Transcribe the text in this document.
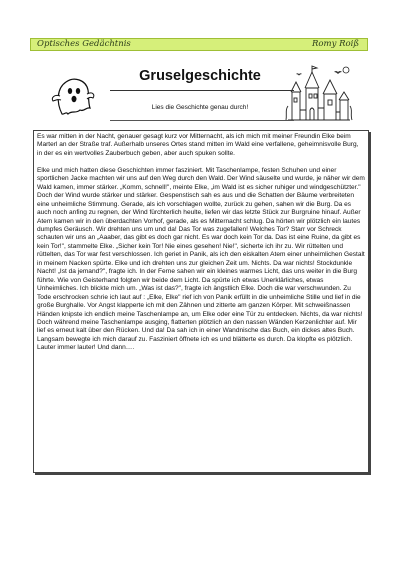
Optisches Gedächtnis	Romy Roiß
Gruselgeschichte
Lies die Geschichte genau durch!

Es war mitten in der Nacht, genauer gesagt kurz vor Mitternacht, als ich mich mit meiner Freundin Elke beim Marterl an der Straße traf. Außerhalb unseres Ortes stand mitten im Wald eine verfallene, geheimnisvolle Burg, in der es ein wertvolles Zauberbuch geben, aber auch spuken sollte.

Elke und mich hatten diese Geschichten immer fasziniert. Mit Taschenlampe, festen Schuhen und einer sportlichen Jacke machten wir uns auf den Weg durch den Wald. Der Wind säuselte und wurde, je näher wir dem Wald kamen, immer stärker. „Komm, schnell!", meinte Elke, „im Wald ist es sicher ruhiger und windgeschützter." Doch der Wind wurde stärker und stärker. Gespenstisch sah es aus und die Schatten der Bäume verbreiteten eine unheimliche Stimmung. Gerade, als ich vorschlagen wollte, zurück zu gehen, sahen wir die Burg. Da es auch noch anfing zu regnen, der Wind fürchterlich heulte, liefen wir das letzte Stück zur Burgruine hinauf. Außer Atem kamen wir in den überdachten Vorhof, gerade, als es Mitternacht schlug. Da hörten wir plötzlich ein lautes dumpfes Geräusch. Wir drehten uns um und da! Das Tor was zugefallen! Welches Tor? Starr vor Schreck schauten wir uns an „Aaaber, das gibt es doch gar nicht. Es war doch kein Tor da. Das ist eine Ruine, da gibt es kein Tor!", stammelte Elke. „Sicher kein Tor! Nie eines gesehen! Nie!", sicherte ich ihr zu. Wir rüttelten und rüttelten, das Tor war fest verschlossen. Ich geriet in Panik, als ich den eiskalten Atem einer unheimlichen Gestalt in meinem Nacken spürte. Elke und ich drehten uns zur gleichen Zeit um. Nichts. Da war nichts! Stockdunkle Nacht! „Ist da jemand?", fragte ich. In der Ferne sahen wir ein kleines warmes Licht, das uns weiter in die Burg führte. Wie von Geisterhand folgten wir beide dem Licht. Da spürte ich etwas Unerklärliches, etwas Unheimliches. Ich blickte mich um. „Was ist das?", fragte ich ängstlich Elke. Doch die war verschwunden. Zu Tode erschrocken schrie ich laut auf : „Elke, Elke" rief ich von Panik erfüllt in die unheimliche Stille und lief in die große Burghalle. Vor Angst klapperte ich mit den Zähnen und zitterte am ganzen Körper. Mit schweißnassen Händen knipste ich endlich meine Taschenlampe an, um Elke oder eine Tür zu entdecken. Nichts, da war nichts! Doch während meine Taschenlampe ausging, flatterten plötzlich an den nassen Wänden Kerzenlichter auf. Mir lief es erneut kalt über den Rücken. Und da! Da sah ich in einer Wandnische das Buch, ein dickes altes Buch. Langsam bewegte ich mich darauf zu. Fasziniert öffnete ich es und blätterte es durch. Da klopfte es plötzlich. Lauter immer lauter! Und dann….
